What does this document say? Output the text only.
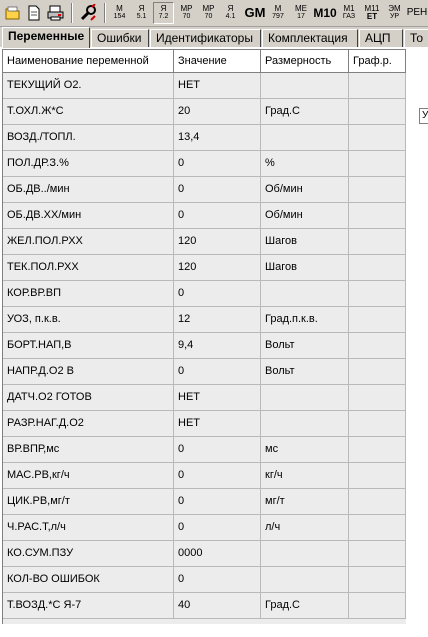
М
154
Я
5.1
Я
7.2
МР
70
МР
70
Я
4.1 GM М
797
МЕ
17 М10 М1
ГАЗ
М11
ЕТ
ЭМ
УР РЕН
Переменные	Ошибки	Идентификаторы	Комплектация	АЦП	То
Наименование переменной	Значение	Размерность	Граф.р.
ТЕКУЩИЙ О2.	НЕТ
Т.ОХЛ.Ж*С	20	Град.С
ВОЗД./ТОПЛ.	13,4
ПОЛ.ДР.З.%	0	%
ОБ.ДВ../мин	0	Об/мин
ОБ.ДВ.ХХ/мин	0	Об/мин
ЖЕЛ.ПОЛ.РХХ	120	Шагов
ТЕК.ПОЛ.РХХ	120	Шагов
КОР.ВР.ВП	0
УОЗ, п.к.в.	12	Град.п.к.в.
БОРТ.НАП,В	9,4	Вольт
НАПР.Д.О2 В	0	Вольт
ДАТЧ.О2 ГОТОВ	НЕТ
РАЗР.НАГ.Д.О2	НЕТ
ВР.ВПР,мс	0	мс
МАС.РВ,кг/ч	0	кг/ч
ЦИК.РВ,мг/т	0	мг/т
Ч.РАС.Т,л/ч	0	л/ч
КО.СУМ.ПЗУ	0000
КОЛ-ВО ОШИБОК	0
Т.ВОЗД.*С Я-7	40	Град.С
У
